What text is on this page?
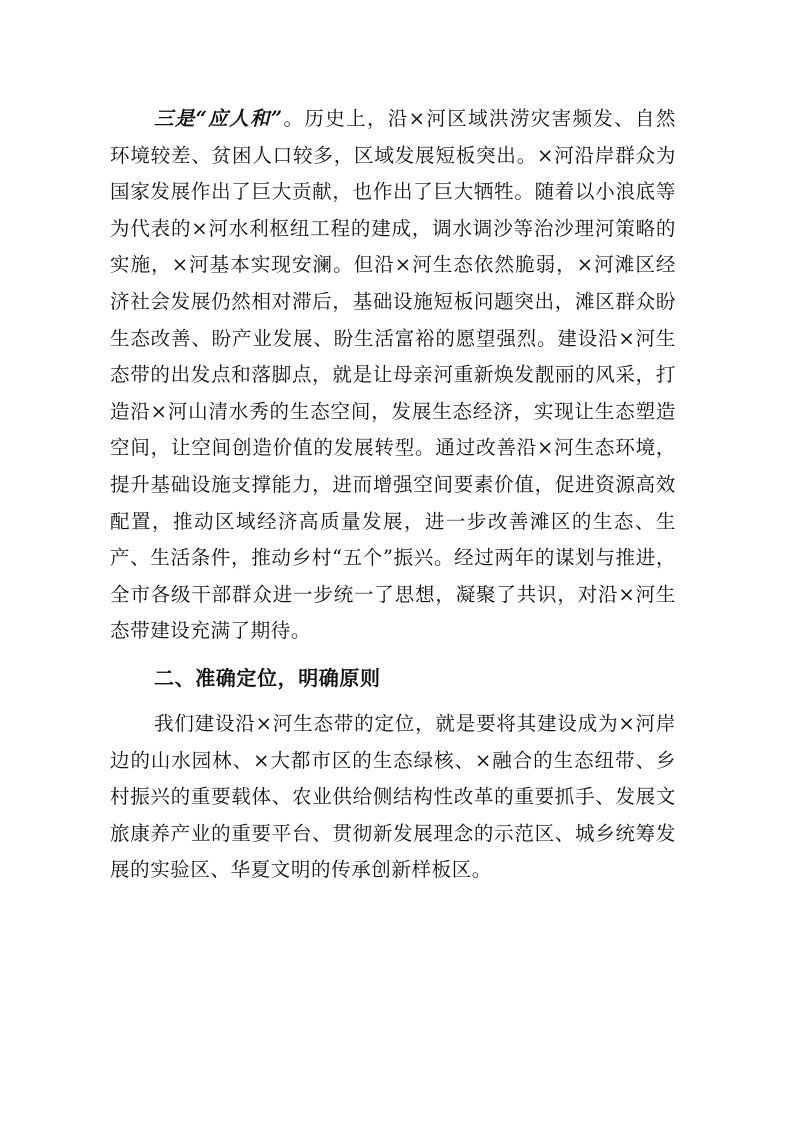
三是“应人和”。历史上，沿×河区域洪涝灾害频发、自然环境较差、贫困人口较多，区域发展短板突出。×河沿岸群众为国家发展作出了巨大贡献，也作出了巨大牺牲。随着以小浪底等为代表的×河水利枢纽工程的建成，调水调沙等治沙理河策略的实施，×河基本实现安澜。但沿×河生态依然脆弱，×河滩区经济社会发展仍然相对滞后，基础设施短板问题突出，滩区群众盼生态改善、盼产业发展、盼生活富裕的愿望强烈。建设沿×河生态带的出发点和落脚点，就是让母亲河重新焕发靓丽的风采，打造沿×河山清水秀的生态空间，发展生态经济，实现让生态塑造空间，让空间创造价值的发展转型。通过改善沿×河生态环境，提升基础设施支撑能力，进而增强空间要素价值，促进资源高效配置，推动区域经济高质量发展，进一步改善滩区的生态、生产、生活条件，推动乡村“五个”振兴。经过两年的谋划与推进，全市各级干部群众进一步统一了思想，凝聚了共识，对沿×河生态带建设充满了期待。

二、准确定位，明确原则

我们建设沿×河生态带的定位，就是要将其建设成为×河岸边的山水园林、×大都市区的生态绿核、×融合的生态纽带、乡村振兴的重要载体、农业供给侧结构性改革的重要抓手、发展文旅康养产业的重要平台、贯彻新发展理念的示范区、城乡统筹发展的实验区、华夏文明的传承创新样板区。
